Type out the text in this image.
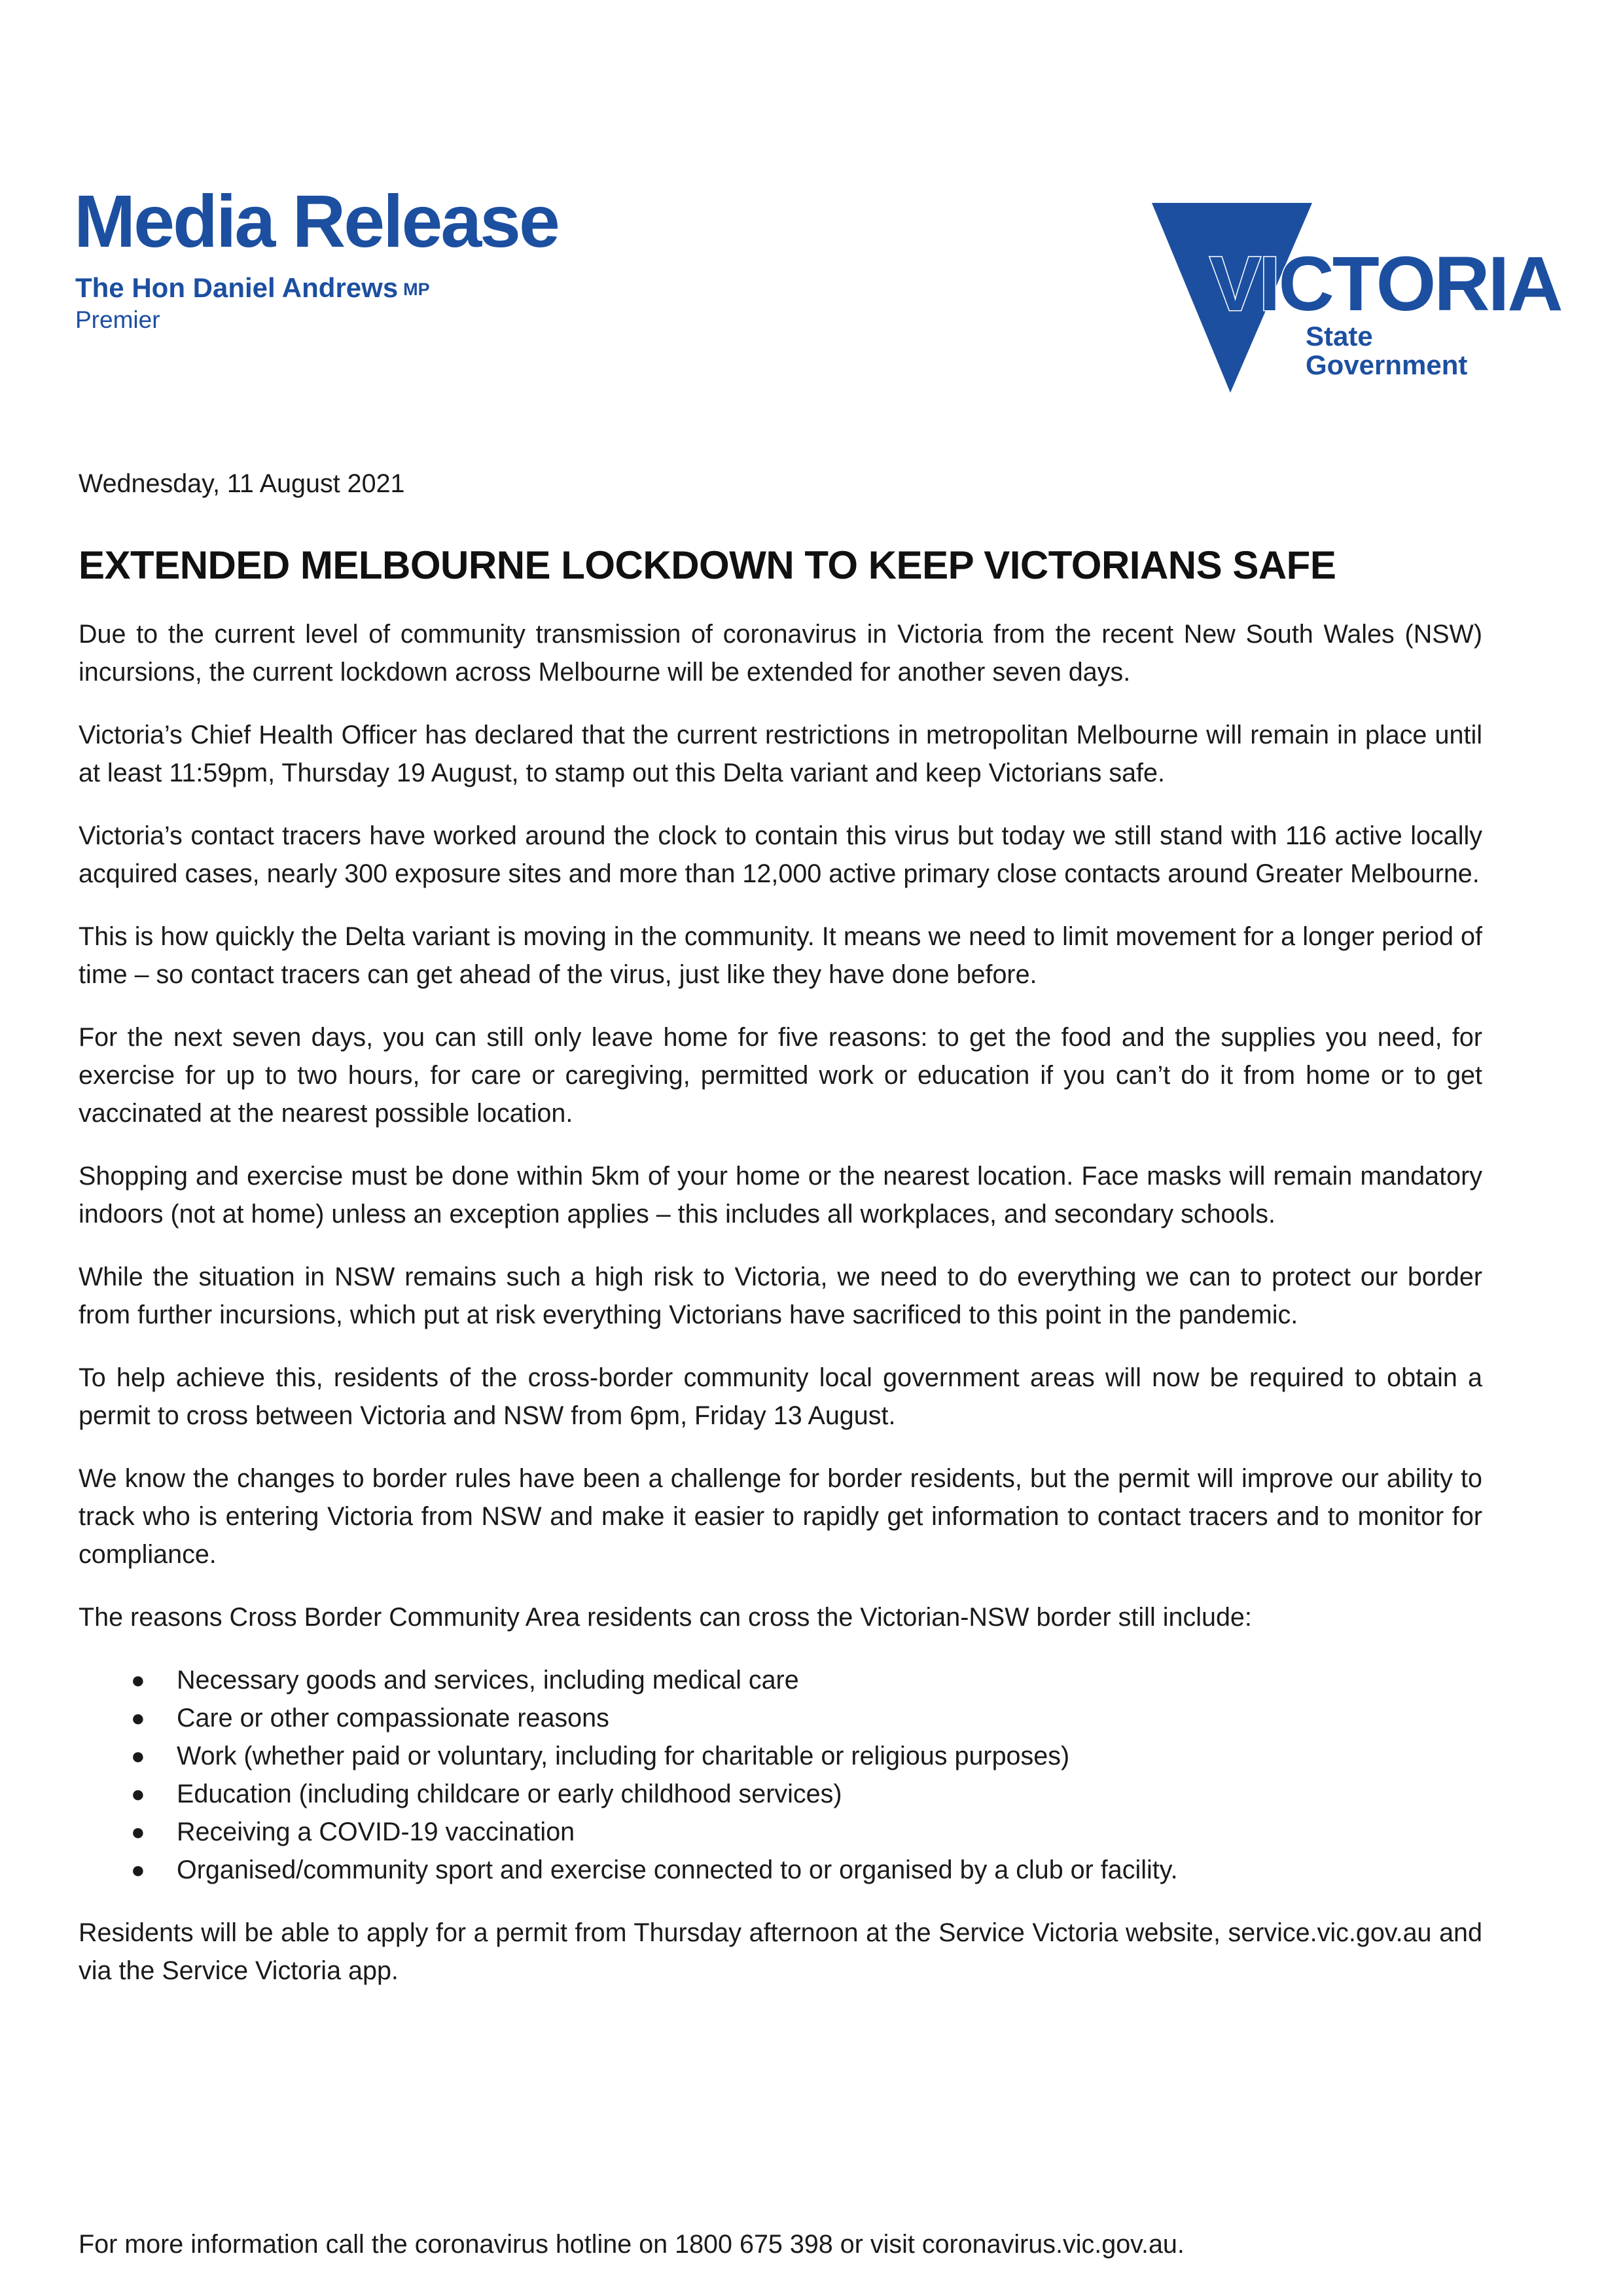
Media Release
The Hon Daniel Andrews MP
Premier	VICTORIA
State
Government

Wednesday, 11 August 2021

EXTENDED MELBOURNE LOCKDOWN TO KEEP VICTORIANS SAFE

Due to the current level of community transmission of coronavirus in Victoria from the recent New South Wales (NSW) incursions, the current lockdown across Melbourne will be extended for another seven days.

Victoria’s Chief Health Officer has declared that the current restrictions in metropolitan Melbourne will remain in place until at least 11:59pm, Thursday 19 August, to stamp out this Delta variant and keep Victorians safe.

Victoria’s contact tracers have worked around the clock to contain this virus but today we still stand with 116 active locally acquired cases, nearly 300 exposure sites and more than 12,000 active primary close contacts around Greater Melbourne.

This is how quickly the Delta variant is moving in the community. It means we need to limit movement for a longer period of time – so contact tracers can get ahead of the virus, just like they have done before.

For the next seven days, you can still only leave home for five reasons: to get the food and the supplies you need, for exercise for up to two hours, for care or caregiving, permitted work or education if you can’t do it from home or to get vaccinated at the nearest possible location.

Shopping and exercise must be done within 5km of your home or the nearest location. Face masks will remain mandatory indoors (not at home) unless an exception applies – this includes all workplaces, and secondary schools.

While the situation in NSW remains such a high risk to Victoria, we need to do everything we can to protect our border from further incursions, which put at risk everything Victorians have sacrificed to this point in the pandemic.

To help achieve this, residents of the cross-border community local government areas will now be required to obtain a permit to cross between Victoria and NSW from 6pm, Friday 13 August.

We know the changes to border rules have been a challenge for border residents, but the permit will improve our ability to track who is entering Victoria from NSW and make it easier to rapidly get information to contact tracers and to monitor for compliance.

The reasons Cross Border Community Area residents can cross the Victorian-NSW border still include:

● Necessary goods and services, including medical care
● Care or other compassionate reasons
● Work (whether paid or voluntary, including for charitable or religious purposes)
● Education (including childcare or early childhood services)
● Receiving a COVID-19 vaccination
● Organised/community sport and exercise connected to or organised by a club or facility.

Residents will be able to apply for a permit from Thursday afternoon at the Service Victoria website, service.vic.gov.au and via the Service Victoria app.

For more information call the coronavirus hotline on 1800 675 398 or visit coronavirus.vic.gov.au.
